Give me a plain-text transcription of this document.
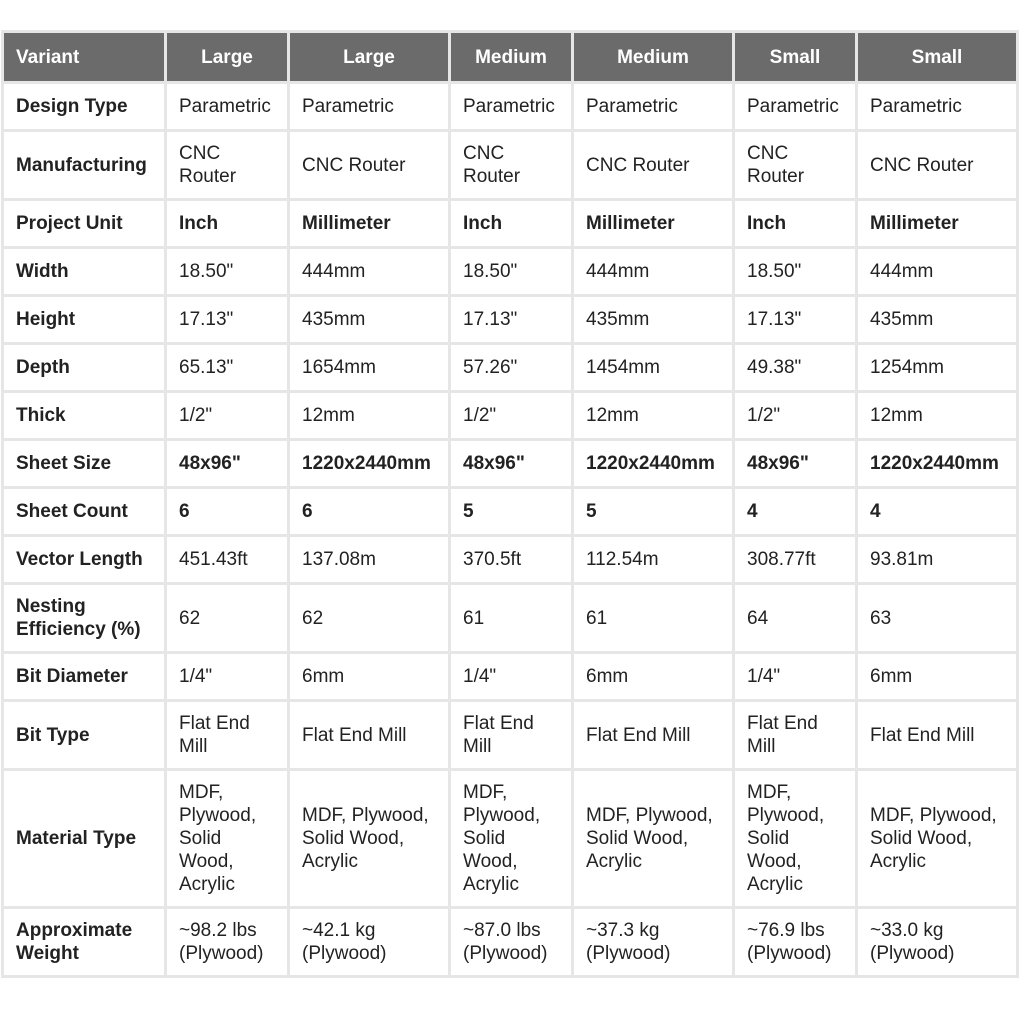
Variant	Large	Large	Medium	Medium	Small	Small
Design Type	Parametric	Parametric	Parametric	Parametric	Parametric	Parametric
Manufacturing	CNC Router	CNC Router	CNC Router	CNC Router	CNC Router	CNC Router
Project Unit	Inch	Millimeter	Inch	Millimeter	Inch	Millimeter
Width	18.50"	444mm	18.50"	444mm	18.50"	444mm
Height	17.13"	435mm	17.13"	435mm	17.13"	435mm
Depth	65.13"	1654mm	57.26"	1454mm	49.38"	1254mm
Thick	1/2"	12mm	1/2"	12mm	1/2"	12mm
Sheet Size	48x96"	1220x2440mm	48x96"	1220x2440mm	48x96"	1220x2440mm
Sheet Count	6	6	5	5	4	4
Vector Length	451.43ft	137.08m	370.5ft	112.54m	308.77ft	93.81m
Nesting Efficiency (%)	62	62	61	61	64	63
Bit Diameter	1/4"	6mm	1/4"	6mm	1/4"	6mm
Bit Type	Flat End Mill	Flat End Mill	Flat End Mill	Flat End Mill	Flat End Mill	Flat End Mill
Material Type	MDF, Plywood, Solid Wood, Acrylic	MDF, Plywood, Solid Wood, Acrylic	MDF, Plywood, Solid Wood, Acrylic	MDF, Plywood, Solid Wood, Acrylic	MDF, Plywood, Solid Wood, Acrylic	MDF, Plywood, Solid Wood, Acrylic
Approximate Weight	~98.2 lbs (Plywood)	~42.1 kg (Plywood)	~87.0 lbs (Plywood)	~37.3 kg (Plywood)	~76.9 lbs (Plywood)	~33.0 kg (Plywood)
